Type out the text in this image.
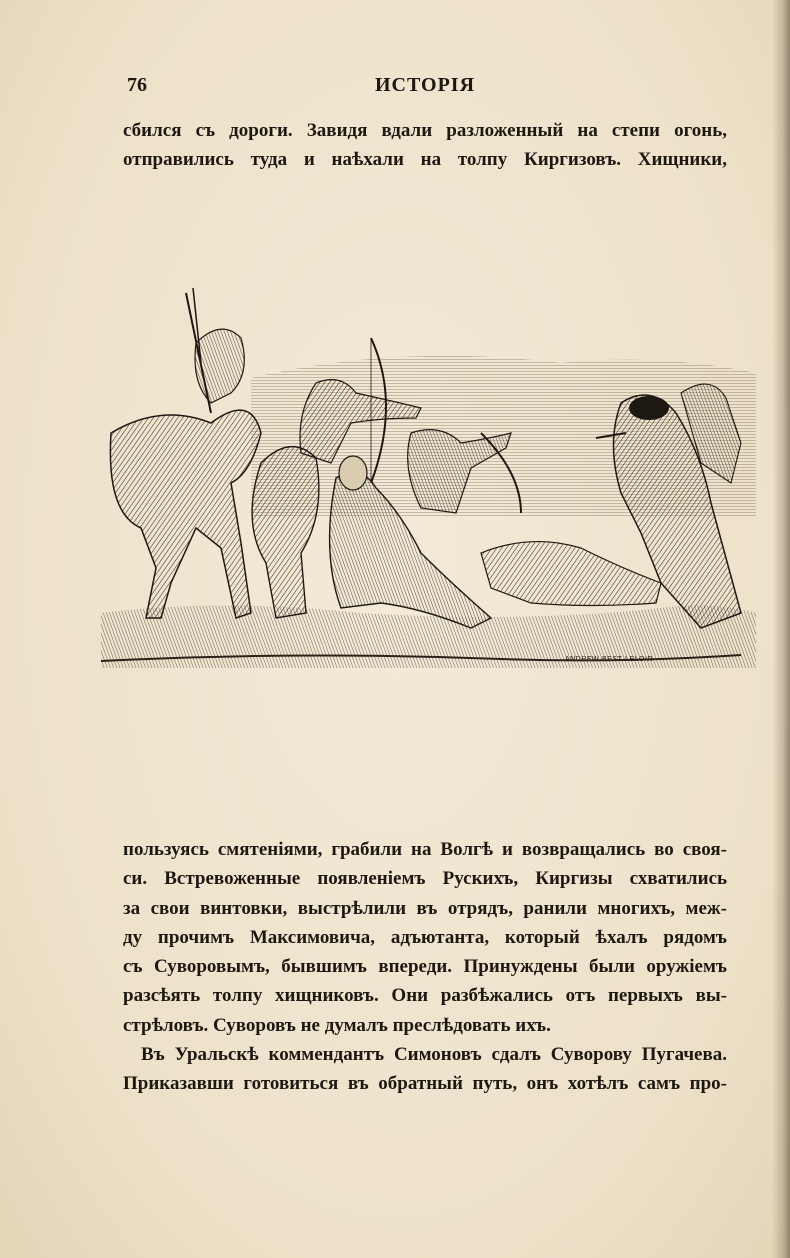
76	ИСТОРІЯ
сбился съ дороги. Завидя вдали разложенный на степи огонь,
отправились туда и наѣхали на толпу Киргизовъ. Хищники,
ANDREW·BEST·LELOIR
пользуясь смятеніями, грабили на Волгѣ и возвращались во своя-
си. Встревоженные появленіемъ Рускихъ, Киргизы схватились
за свои винтовки, выстрѣлили въ отрядъ, ранили многихъ, меж-
ду прочимъ Максимовича, адъютанта, который ѣхалъ рядомъ
съ Суворовымъ, бывшимъ впереди. Принуждены были оружіемъ
разсѣять толпу хищниковъ. Они разбѣжались отъ первыхъ вы-
стрѣловъ. Суворовъ не думалъ преслѣдовать ихъ.
Въ Уральскѣ коммендантъ Симоновъ сдалъ Суворову Пугачева.
Приказавши готовиться въ обратный путь, онъ хотѣлъ самъ про-
